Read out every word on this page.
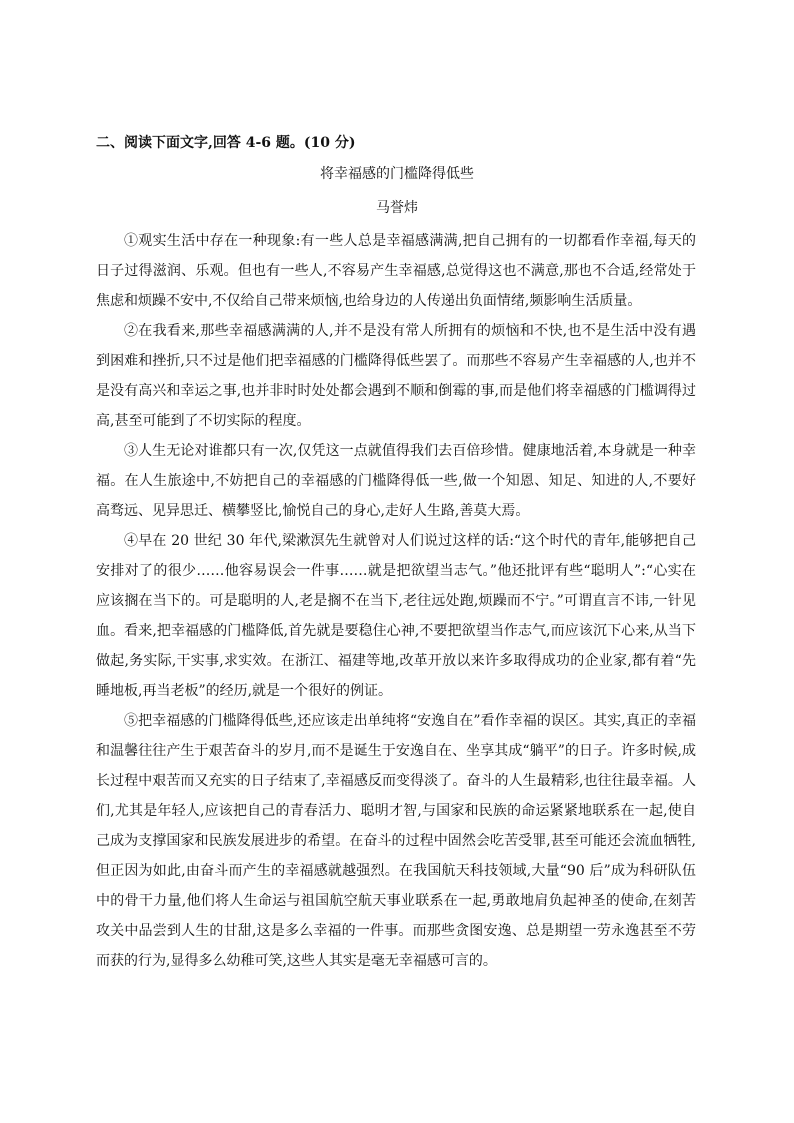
二、阅读下面文字,回答 4-6 题。(10 分)
将幸福感的门槛降得低些
马誉炜

①观实生活中存在一种现象:有一些人总是幸福感满满,把自己拥有的一切都看作幸福,每天的日子过得滋润、乐观。但也有一些人,不容易产生幸福感,总觉得这也不满意,那也不合适,经常处于焦虑和烦躁不安中,不仅给自己带来烦恼,也给身边的人传递出负面情绪,频影响生活质量。

②在我看来,那些幸福感满满的人,并不是没有常人所拥有的烦恼和不快,也不是生活中没有遇到困难和挫折,只不过是他们把幸福感的门槛降得低些罢了。而那些不容易产生幸福感的人,也并不是没有高兴和幸运之事,也并非时时处处都会遇到不顺和倒霉的事,而是他们将幸福感的门槛调得过高,甚至可能到了不切实际的程度。

③人生无论对谁都只有一次,仅凭这一点就值得我们去百倍珍惜。健康地活着,本身就是一种幸福。在人生旅途中,不妨把自己的幸福感的门槛降得低一些,做一个知恩、知足、知进的人,不要好高骛远、见异思迁、横攀竖比,愉悦自己的身心,走好人生路,善莫大焉。

④早在 20 世纪 30 年代,梁漱溟先生就曾对人们说过这样的话:“这个时代的青年,能够把自己安排对了的很少……他容易误会一件事……就是把欲望当志气。”他还批评有些“聪明人”:“心实在应该搁在当下的。可是聪明的人,老是搁不在当下,老往远处跑,烦躁而不宁。”可谓直言不讳,一针见血。看来,把幸福感的门槛降低,首先就是要稳住心神,不要把欲望当作志气,而应该沉下心来,从当下做起,务实际,干实事,求实效。在浙江、福建等地,改革开放以来许多取得成功的企业家,都有着“先睡地板,再当老板”的经历,就是一个很好的例证。

⑤把幸福感的门槛降得低些,还应该走出单纯将“安逸自在”看作幸福的误区。其实,真正的幸福和温馨往往产生于艰苦奋斗的岁月,而不是诞生于安逸自在、坐享其成“躺平”的日子。许多时候,成长过程中艰苦而又充实的日子结束了,幸福感反而变得淡了。奋斗的人生最精彩,也往往最幸福。人们,尤其是年轻人,应该把自己的青春活力、聪明才智,与国家和民族的命运紧紧地联系在一起,使自己成为支撑国家和民族发展进步的希望。在奋斗的过程中固然会吃苦受罪,甚至可能还会流血牺牲,但正因为如此,由奋斗而产生的幸福感就越强烈。在我国航天科技领域,大量“90 后”成为科研队伍中的骨干力量,他们将人生命运与祖国航空航天事业联系在一起,勇敢地肩负起神圣的使命,在刻苦攻关中品尝到人生的甘甜,这是多么幸福的一件事。而那些贪图安逸、总是期望一劳永逸甚至不劳而获的行为,显得多么幼稚可笑,这些人其实是毫无幸福感可言的。
